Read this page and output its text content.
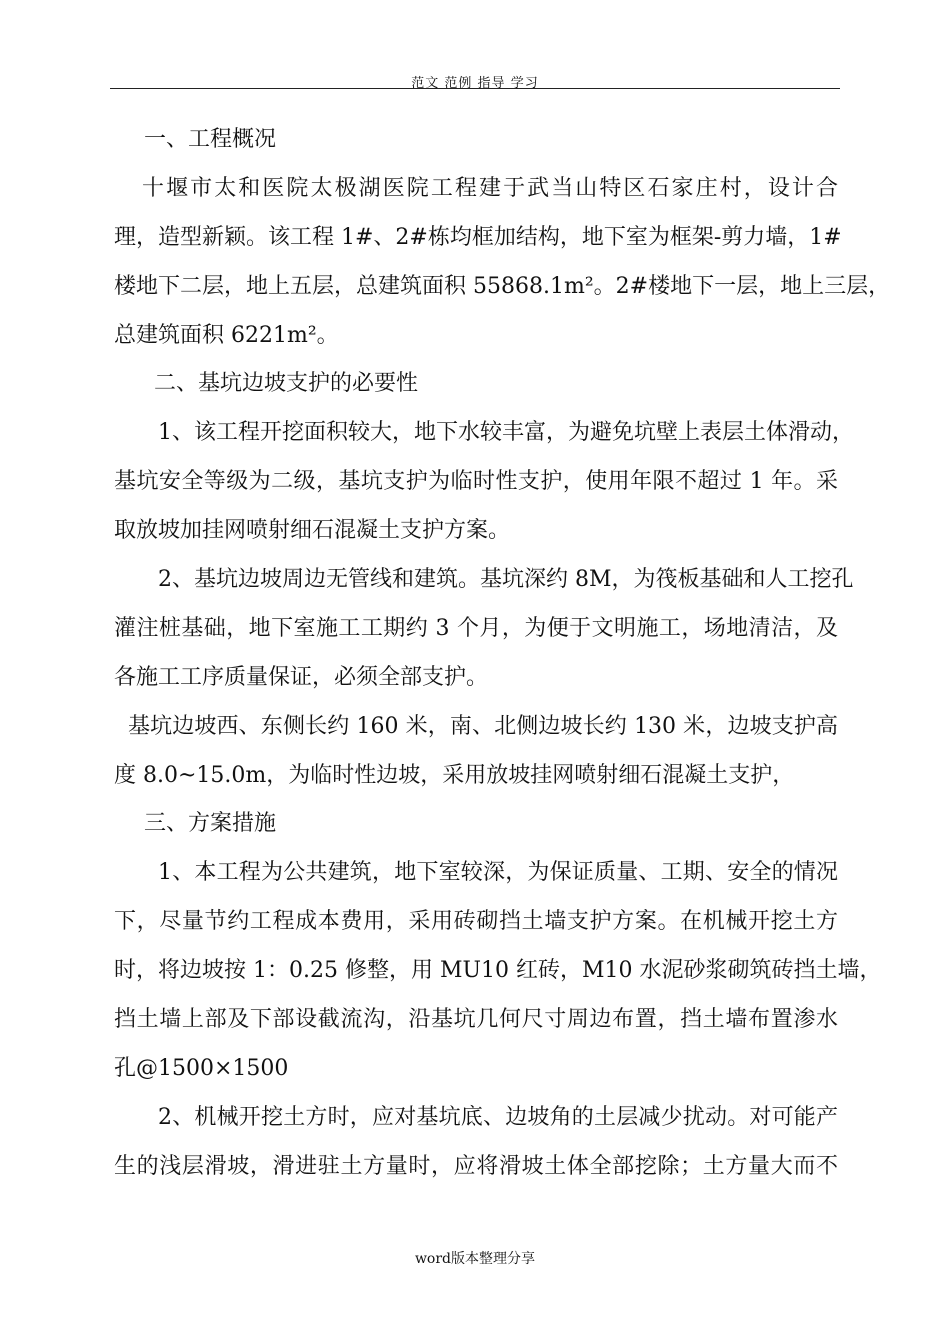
范文 范例 指导 学习
一、工程概况
十堰市太和医院太极湖医院工程建于武当山特区石家庄村，设计合
理，造型新颖。该工程 1#、2#栋均框加结构，地下室为框架-剪力墙，1#
楼地下二层，地上五层，总建筑面积 55868.1m²。2#楼地下一层，地上三层，
总建筑面积 6221m²。
二、基坑边坡支护的必要性
1、该工程开挖面积较大，地下水较丰富，为避免坑壁上表层土体滑动，
基坑安全等级为二级，基坑支护为临时性支护，使用年限不超过 1 年。采
取放坡加挂网喷射细石混凝土支护方案。
2、基坑边坡周边无管线和建筑。基坑深约 8M，为筏板基础和人工挖孔
灌注桩基础，地下室施工工期约 3 个月，为便于文明施工，场地清洁，及
各施工工序质量保证，必须全部支护。
基坑边坡西、东侧长约 160 米，南、北侧边坡长约 130 米，边坡支护高
度 8.0~15.0m，为临时性边坡，采用放坡挂网喷射细石混凝土支护，
三、方案措施
1、本工程为公共建筑，地下室较深，为保证质量、工期、安全的情况
下，尽量节约工程成本费用，采用砖砌挡土墙支护方案。在机械开挖土方
时，将边坡按 1：0.25 修整，用 MU10 红砖，M10 水泥砂浆砌筑砖挡土墙，
挡土墙上部及下部设截流沟，沿基坑几何尺寸周边布置，挡土墙布置渗水
孔@1500×1500
2、机械开挖土方时，应对基坑底、边坡角的土层减少扰动。对可能产
生的浅层滑坡，滑进驻土方量时，应将滑坡土体全部挖除；土方量大而不
word版本整理分享
